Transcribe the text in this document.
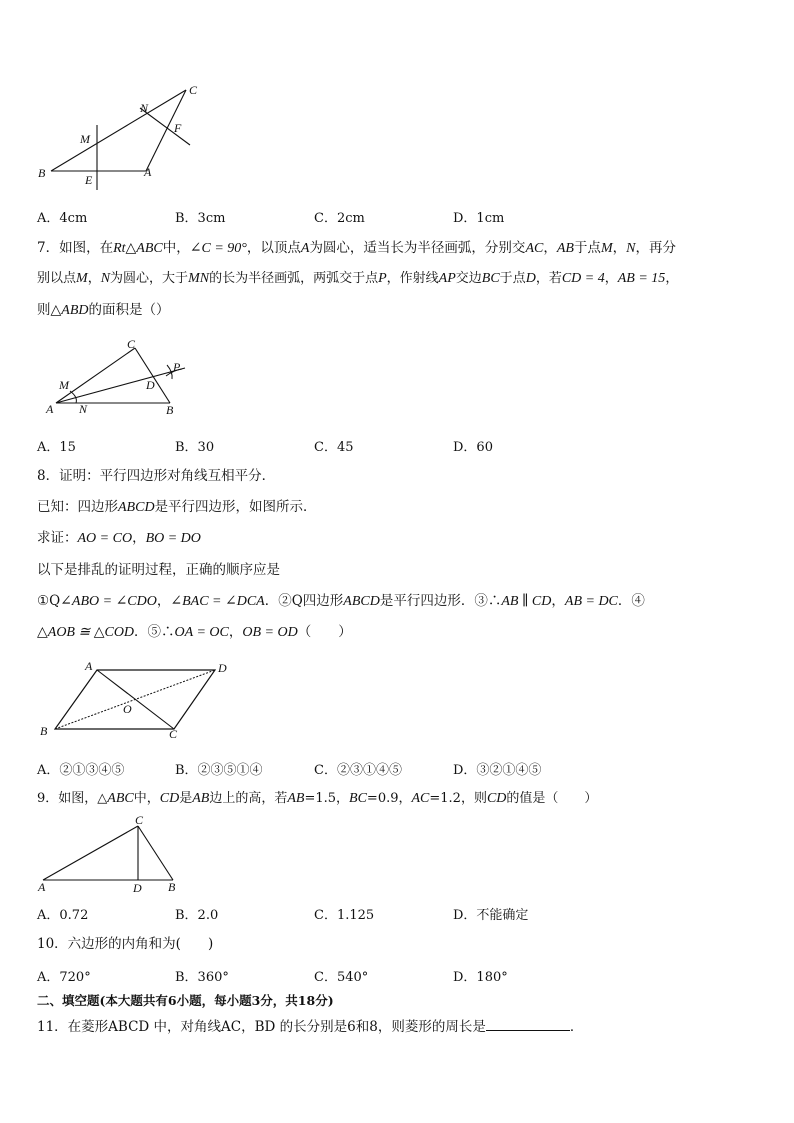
C
N
M
F
B	E
A
A．4cm	B．3cm	C．2cm	D．1cm
7．如图，在Rt△ABC中，∠C = 90°，以顶点A为圆心，适当长为半径画弧，分别交AC，AB于点M，N，再分
别以点M，N为圆心，大于MN的长为半径画弧，两弧交于点P，作射线AP交边BC于点D，若CD = 4，AB = 15，
则△ABD的面积是（）
C
M
P
D
A N	B
A．15	B．30	C．45	D．60
8．证明：平行四边形对角线互相平分．
已知：四边形ABCD是平行四边形，如图所示．
求证：AO = CO，BO = DO
以下是排乱的证明过程，正确的顺序应是
①Q∠ABO = ∠CDO，∠BAC = ∠DCA．②Q四边形ABCD是平行四边形．③∴AB ∥ CD，AB = DC．④
△AOB ≅ △COD．⑤∴OA = OC，OB = OD（　　）
A	D
O
B	C
A．②①③④⑤	B．②③⑤①④	C．②③①④⑤	D．③②①④⑤
9．如图，△ABC中，CD是AB边上的高，若AB=1.5，BC=0.9，AC=1.2，则CD的值是（　　）
C
A	D B
A．0.72	B．2.0	C．1.125	D．不能确定
10．六边形的内角和为(　　)
A．720°	B．360°	C．540°	D．180°
二、填空题(本大题共有6小题，每小题3分，共18分)
11．在菱形ABCD 中，对角线AC，BD 的长分别是6和8，则菱形的周长是	．
